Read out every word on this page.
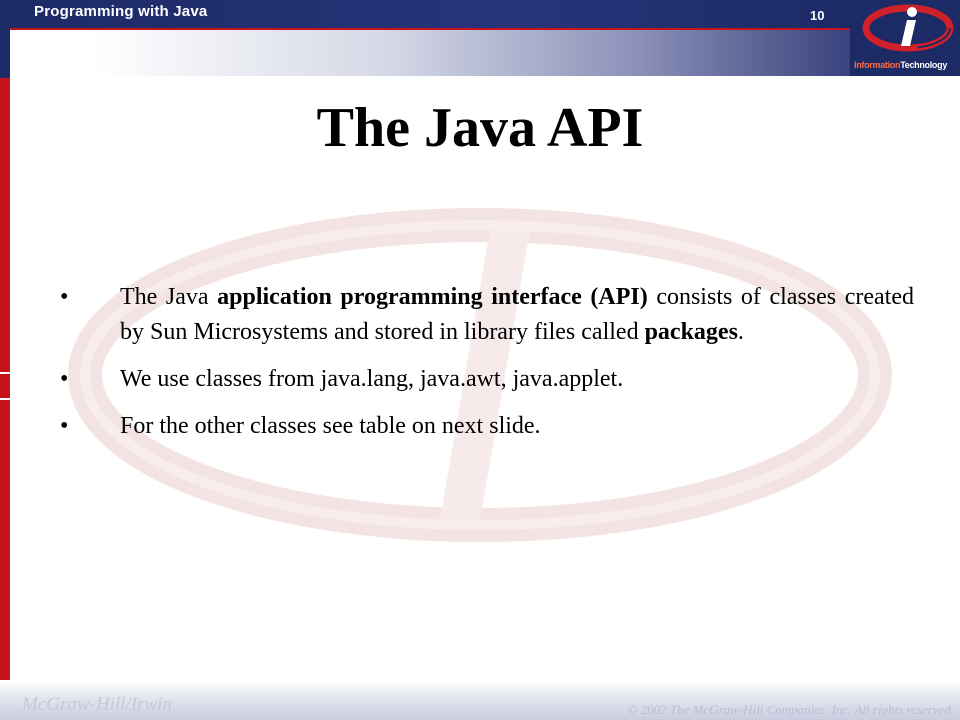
Programming with Java	10
InformationTechnology
The Java API
•	The Java application programming interface (API) consists of classes created by Sun Microsystems and stored in library files called packages.
•	We use classes from java.lang, java.awt, java.applet.
•	For the other classes see table on next slide.
McGraw-Hill/Irwin	© 2002 The McGraw-Hill Companies, Inc. All rights reserved.
